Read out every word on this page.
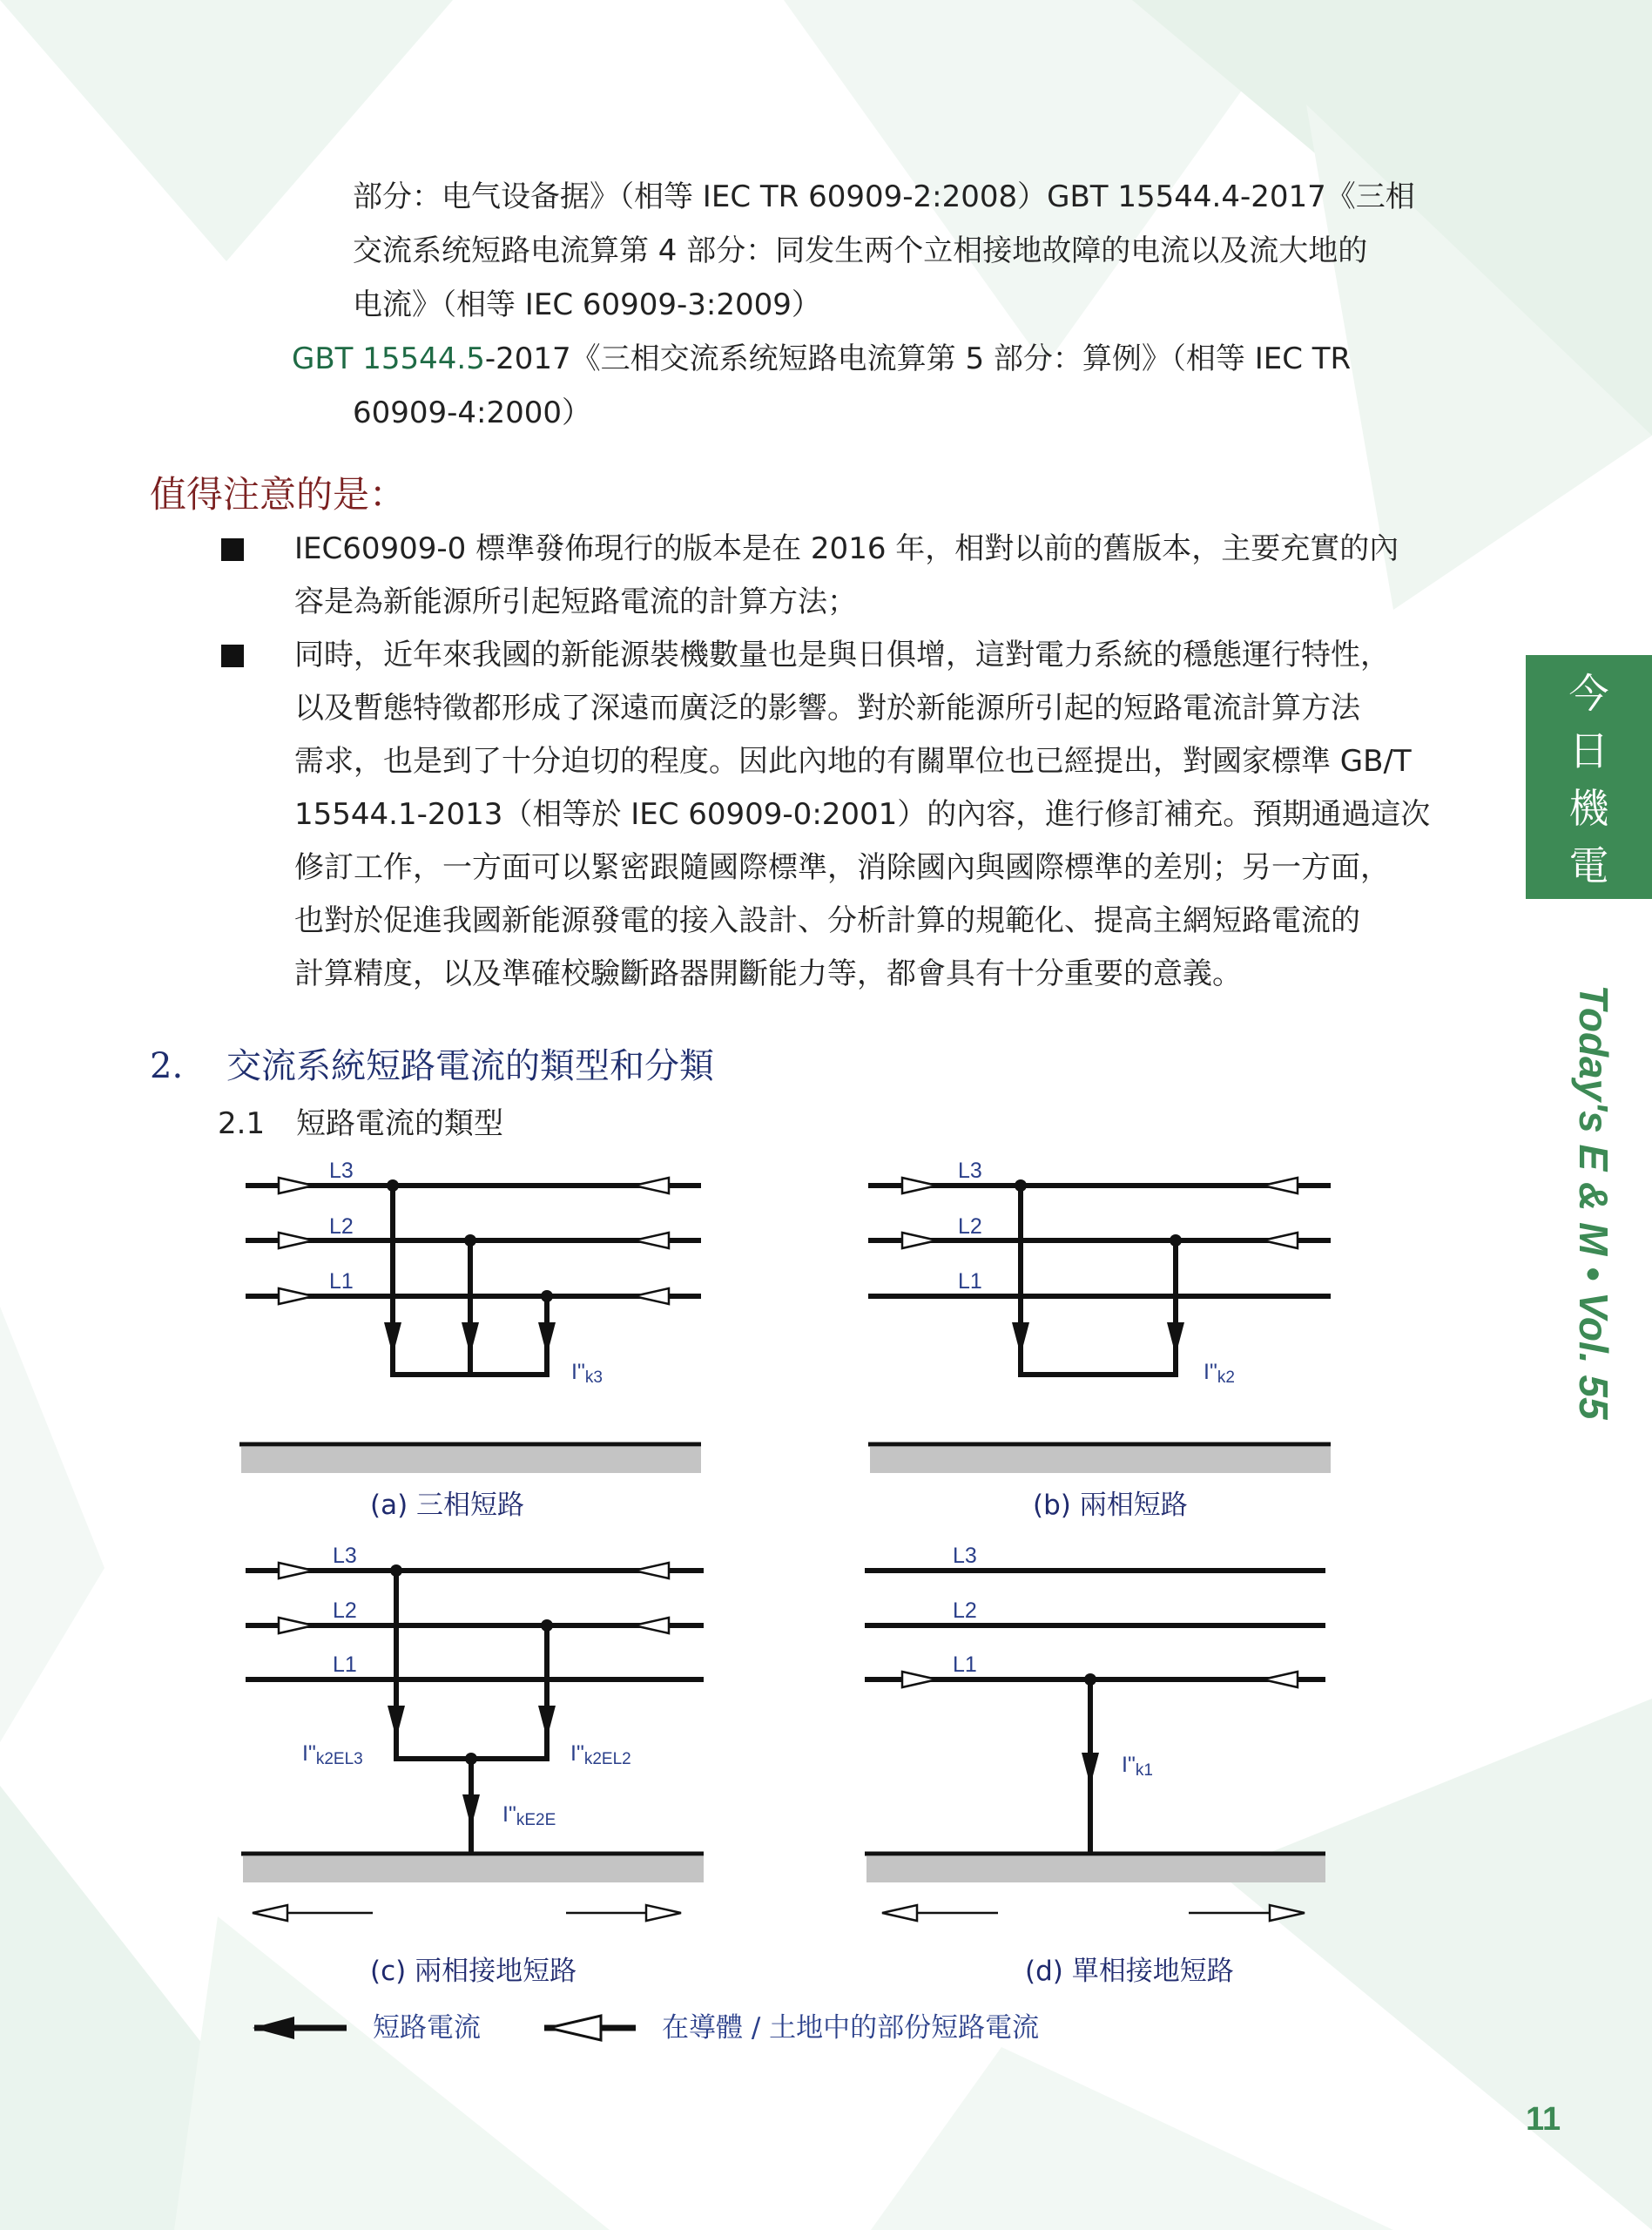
部分：电气设备据》（相等 IEC TR 60909-2:2008）GBT 15544.4-2017《三相
交流系统短路电流算第 4 部分：同发生两个立相接地故障的电流以及流大地的
电流》（相等 IEC 60909-3:2009）
GBT 15544.5-2017《三相交流系统短路电流算第 5 部分：算例》（相等 IEC TR
60909-4:2000）
值得注意的是：
IEC60909-0 標準發佈現行的版本是在 2016 年，相對以前的舊版本，主要充實的內
容是為新能源所引起短路電流的計算方法；
同時，近年來我國的新能源裝機數量也是與日俱增，這對電力系統的穩態運行特性，
以及暫態特徵都形成了深遠而廣泛的影響。對於新能源所引起的短路電流計算方法
需求，也是到了十分迫切的程度。因此內地的有關單位也已經提出，對國家標準 GB/T
15544.1-2013（相等於 IEC 60909-0:2001）的內容，進行修訂補充。預期通過這次
修訂工作，一方面可以緊密跟隨國際標準，消除國內與國際標準的差別；另一方面，
也對於促進我國新能源發電的接入設計、分析計算的規範化、提高主網短路電流的
計算精度，以及準確校驗斷路器開斷能力等，都會具有十分重要的意義。
2. 交流系統短路電流的類型和分類
2.1 短路電流的類型
L3
L2
L1
I"k3
(a) 三相短路
L3
L2
L1
I"k2
(b) 兩相短路
L3
L2
L1
I"k2EL3	I"k2EL2
I"kE2E
(c) 兩相接地短路
L3
L2
L1
I"k1
(d) 單相接地短路
短路電流	在導體 / 土地中的部份短路電流
今
日
機
電
Today's E & M • Vol. 55
11
